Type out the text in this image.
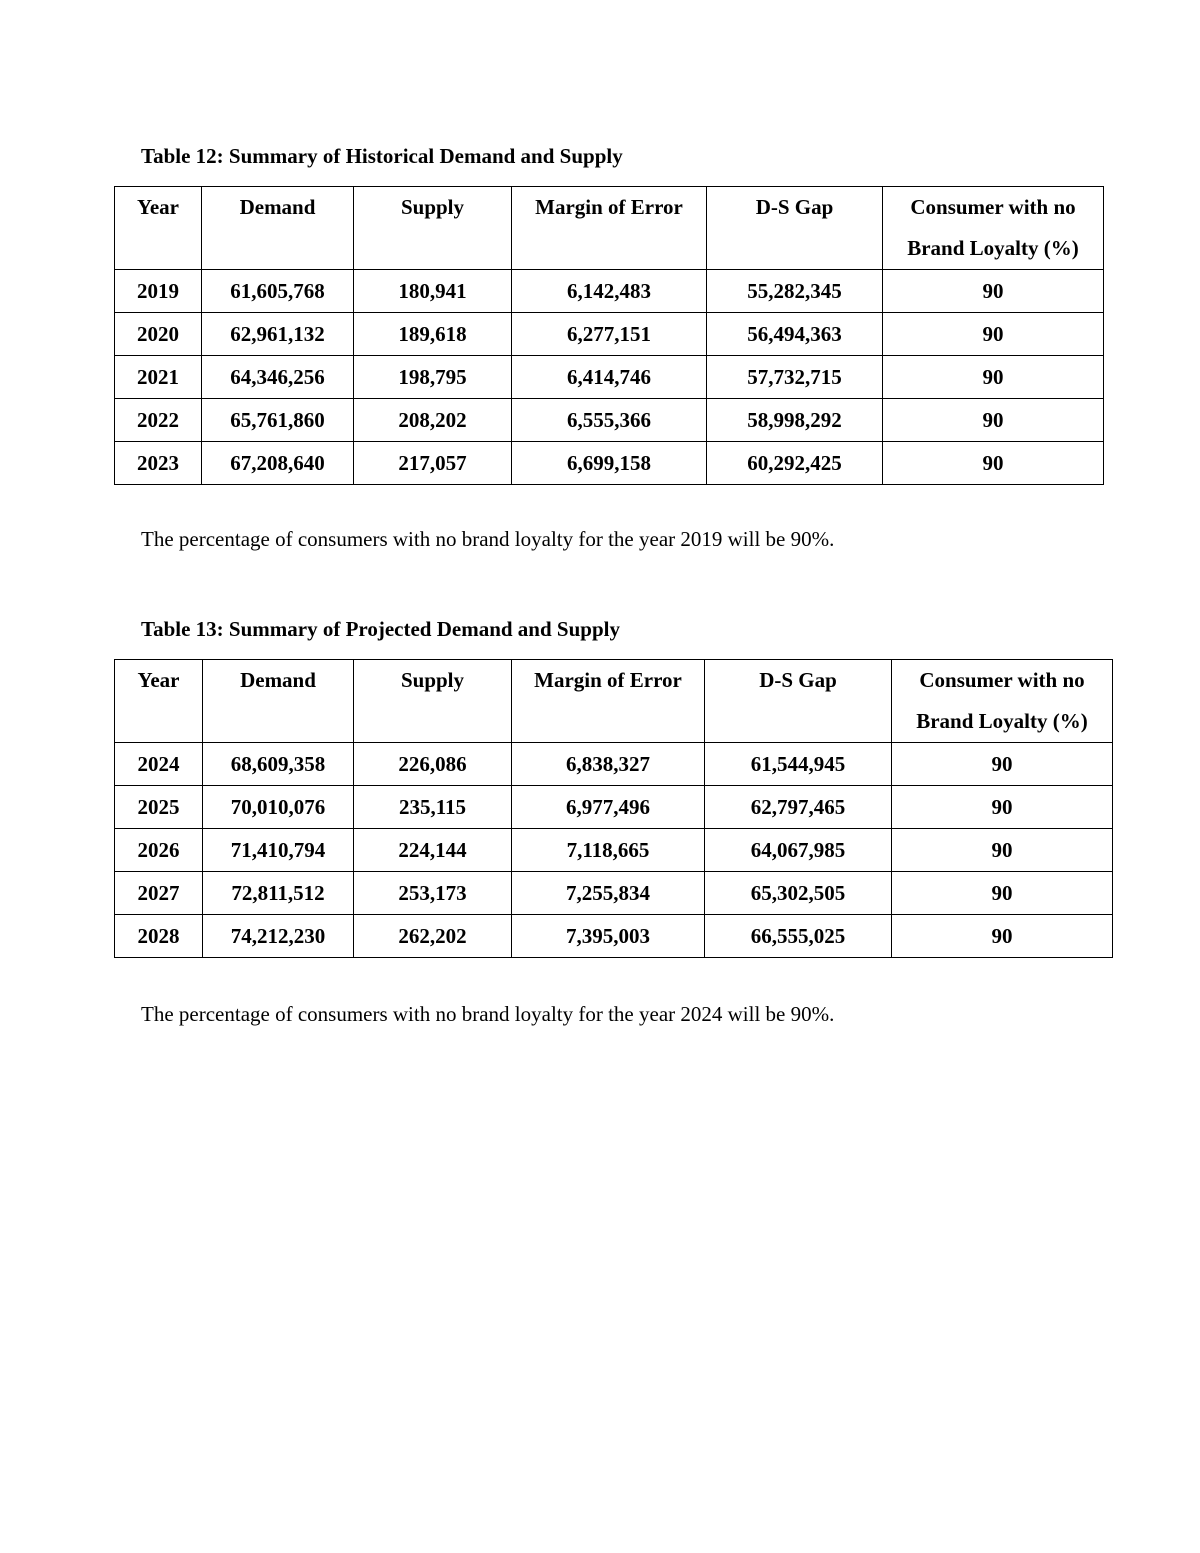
Table 12: Summary of Historical Demand and Supply
Year	Demand	Supply	Margin of Error	D-S Gap	Consumer with no
Brand Loyalty (%)

2019	61,605,768	180,941	6,142,483	55,282,345	90
2020	62,961,132	189,618	6,277,151	56,494,363	90
2021	64,346,256	198,795	6,414,746	57,732,715	90
2022	65,761,860	208,202	6,555,366	58,998,292	90
2023	67,208,640	217,057	6,699,158	60,292,425	90
The percentage of consumers with no brand loyalty for the year 2019 will be 90%.
Table 13: Summary of Projected Demand and Supply
Year	Demand	Supply	Margin of Error	D-S Gap	Consumer with no
Brand Loyalty (%)

2024	68,609,358	226,086	6,838,327	61,544,945	90
2025	70,010,076	235,115	6,977,496	62,797,465	90
2026	71,410,794	224,144	7,118,665	64,067,985	90
2027	72,811,512	253,173	7,255,834	65,302,505	90
2028	74,212,230	262,202	7,395,003	66,555,025	90
The percentage of consumers with no brand loyalty for the year 2024 will be 90%.
